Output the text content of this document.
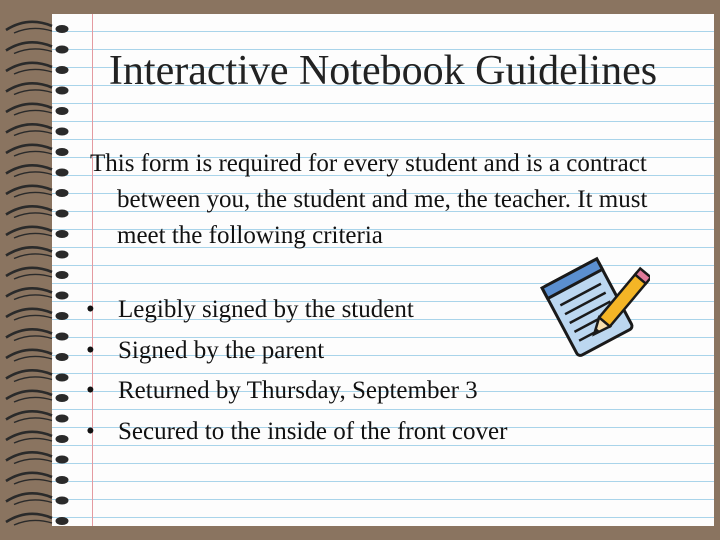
Interactive Notebook Guidelines
This form is required for every student and is a contract between you, the student and me, the teacher. It must meet the following criteria
• Legibly signed by the student
• Signed by the parent
• Returned by Thursday, September 3
• Secured to the inside of the front cover
